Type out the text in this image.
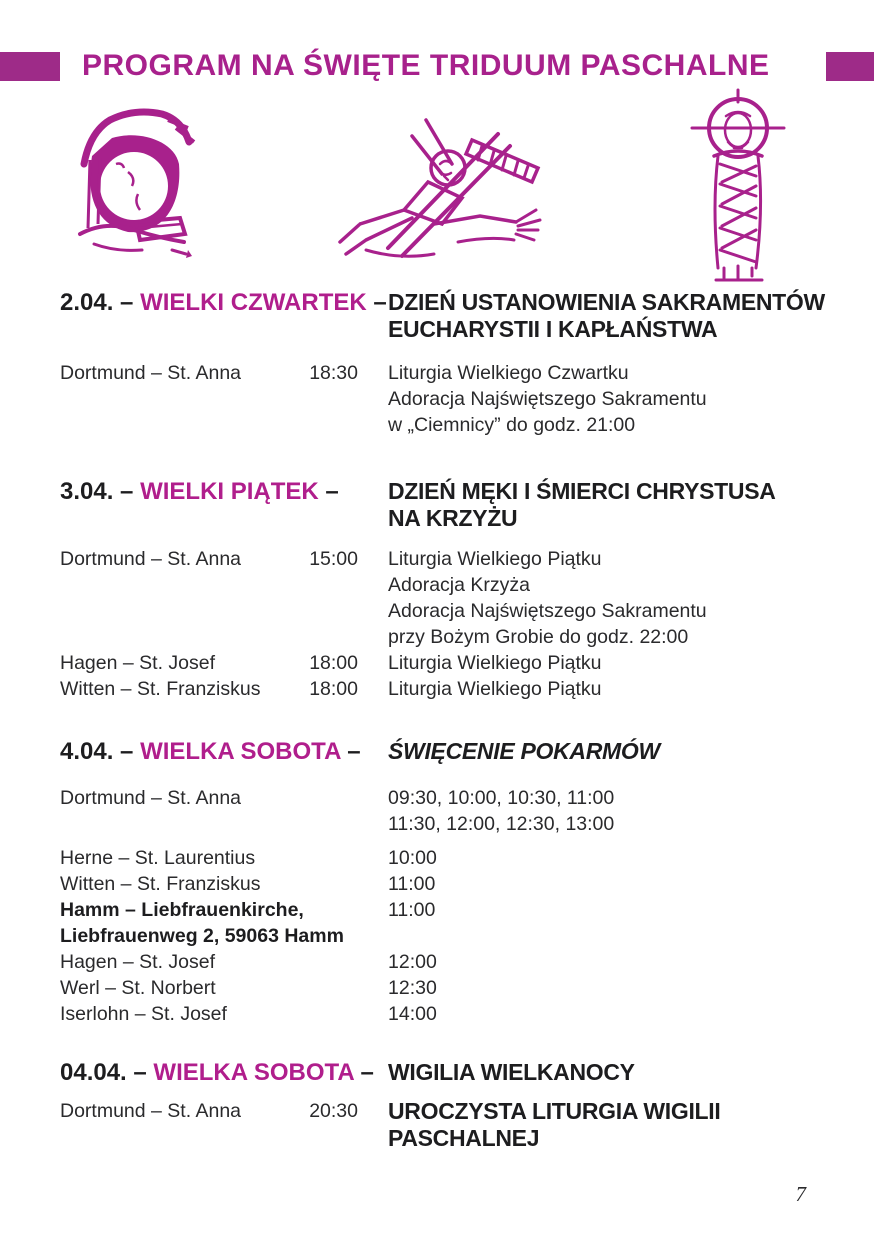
PROGRAM NA ŚWIĘTE TRIDUUM PASCHALNE
2.04. – WIELKI CZWARTEK – DZIEŃ USTANOWIENIA SAKRAMENTÓW
EUCHARYSTII I KAPŁAŃSTWA
Dortmund – St. Anna	18:30 Liturgia Wielkiego Czwartku
Adoracja Najświętszego Sakramentu
w „Ciemnicy” do godz. 21:00
3.04. – WIELKI PIĄTEK –	DZIEŃ MĘKI I ŚMIERCI CHRYSTUSA
NA KRZYŻU
Dortmund – St. Anna	15:00 Liturgia Wielkiego Piątku
Adoracja Krzyża
Adoracja Najświętszego Sakramentu
przy Bożym Grobie do godz. 22:00
Hagen – St. Josef	18:00 Liturgia Wielkiego Piątku
Witten – St. Franziskus	18:00 Liturgia Wielkiego Piątku
4.04. – WIELKA SOBOTA –	ŚWIĘCENIE POKARMÓW
Dortmund – St. Anna	09:30, 10:00, 10:30, 11:00
11:30, 12:00, 12:30, 13:00
Herne – St. Laurentius	10:00
Witten – St. Franziskus	11:00
Hamm – Liebfrauenkirche,
Liebfrauenweg 2, 59063 Hamm
11:00
Hagen – St. Josef	12:00
Werl – St. Norbert	12:30
Iserlohn – St. Josef	14:00
04.04. – WIELKA SOBOTA – WIGILIA WIELKANOCY
Dortmund – St. Anna	20:30 UROCZYSTA LITURGIA WIGILII
PASCHALNEJ
7
